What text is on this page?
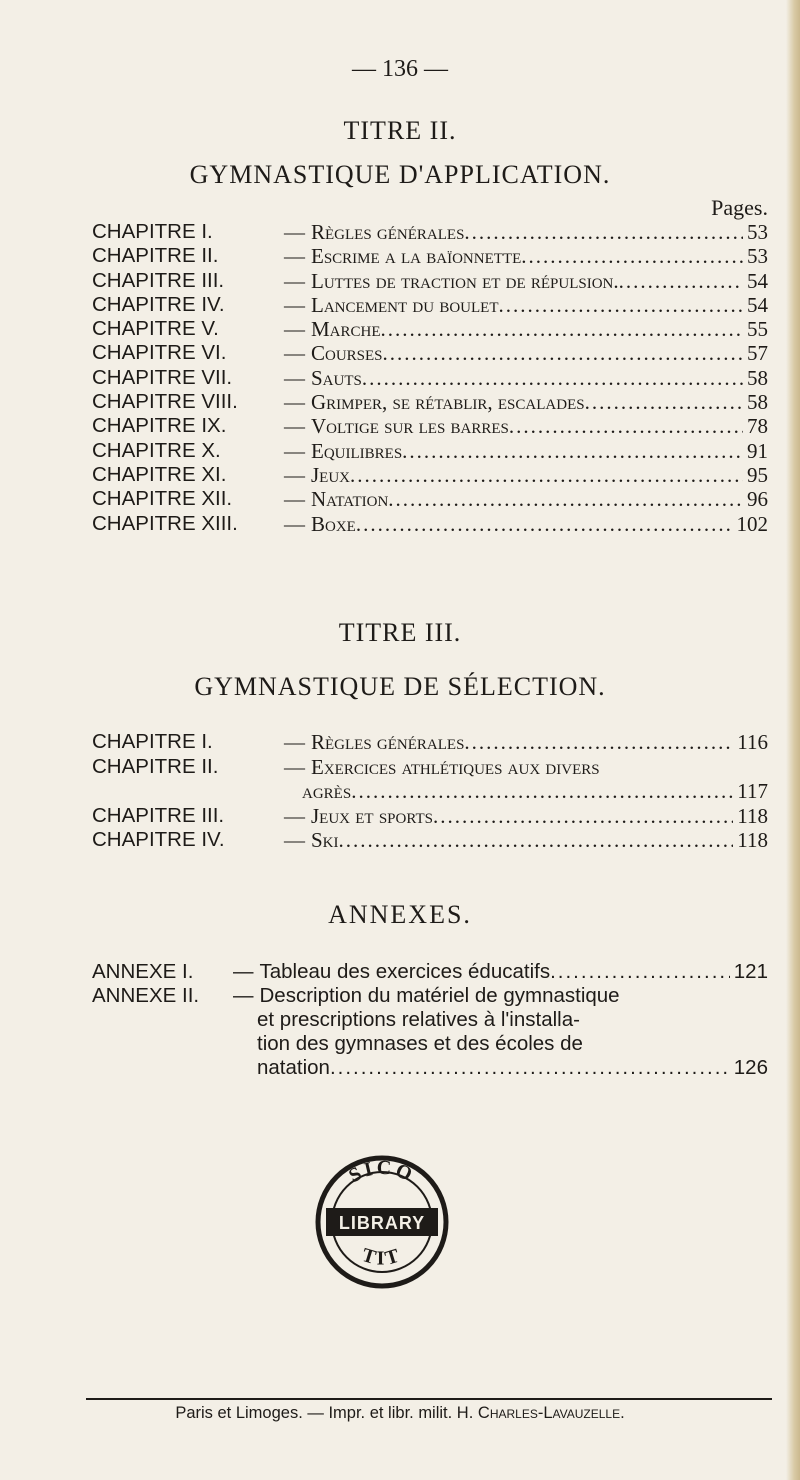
— 136 —
TITRE II.
GYMNASTIQUE D'APPLICATION.
Pages.
CHAPITRE I.	— Règles générales .....	53
CHAPITRE II.	— Escrime a la baïonnette .....	53
CHAPITRE III.	— Luttes de traction et de répulsion. .....	54
CHAPITRE IV.	— Lancement du boulet .....	54
CHAPITRE V.	— Marche .....	55
CHAPITRE VI.	— Courses .....	57
CHAPITRE VII. — Sauts .....	58
CHAPITRE VIII. — Grimper, se rétablir, escalades .....	58
CHAPITRE IX.	— Voltige sur les barres .....	78
CHAPITRE X.	— Equilibres .....	91
CHAPITRE XI.	— Jeux .....	95
CHAPITRE XII. — Natation .....	96
CHAPITRE XIII. — Boxe .....	102
TITRE III.
GYMNASTIQUE DE SÉLECTION.
CHAPITRE I.	— Règles générales .....	116
CHAPITRE II.	— Exercices athlétiques aux divers
agrès .....	117
CHAPITRE III.	— Jeux et sports .....	118
CHAPITRE IV.	— Ski .....	118
ANNEXES.
ANNEXE I. — Tableau des exercices éducatifs .....	121
ANNEXE II. — Description du matériel de gymnastique
et prescriptions relatives à l'installa-
tion des gymnases et des écoles de
natation .....	126
SICO
LIBRARY
TIT
Paris et Limoges. — Impr. et libr. milit. H. Charles-Lavauzelle.
